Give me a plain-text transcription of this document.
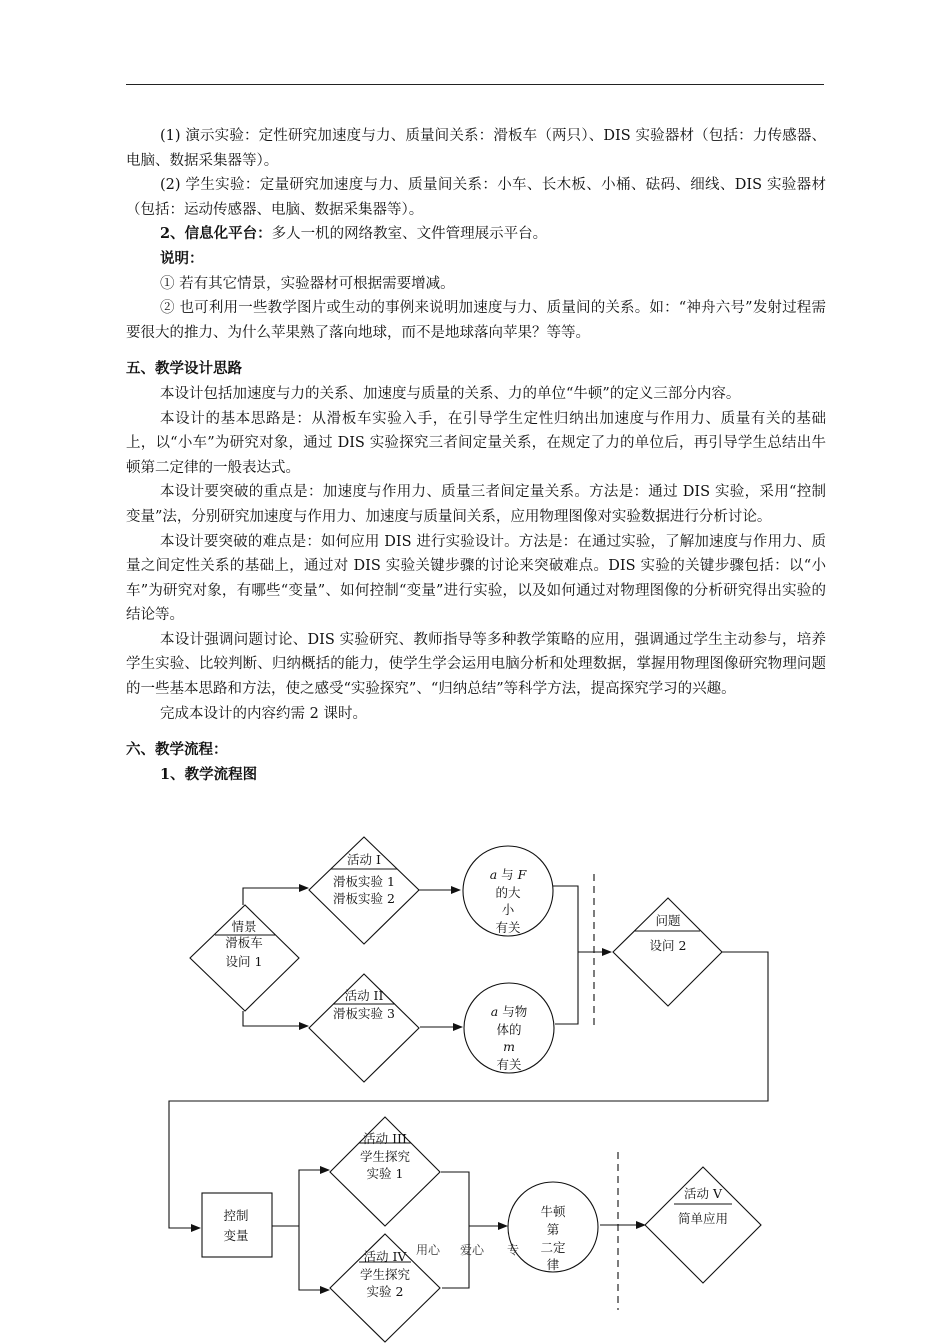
(1) 演示实验：定性研究加速度与力、质量间关系：滑板车（两只）、DIS 实验器材（包括：力传感器、电脑、数据采集器等）。

(2) 学生实验：定量研究加速度与力、质量间关系：小车、长木板、小桶、砝码、细线、DIS 实验器材（包括：运动传感器、电脑、数据采集器等）。

2、信息化平台：多人一机的网络教室、文件管理展示平台。

说明：

① 若有其它情景，实验器材可根据需要增减。

② 也可利用一些教学图片或生动的事例来说明加速度与力、质量间的关系。如：“神舟六号”发射过程需要很大的推力、为什么苹果熟了落向地球，而不是地球落向苹果？等等。

五、教学设计思路

本设计包括加速度与力的关系、加速度与质量的关系、力的单位“牛顿”的定义三部分内容。

本设计的基本思路是：从滑板车实验入手，在引导学生定性归纳出加速度与作用力、质量有关的基础上，以“小车”为研究对象，通过 DIS 实验探究三者间定量关系，在规定了力的单位后，再引导学生总结出牛顿第二定律的一般表达式。

本设计要突破的重点是：加速度与作用力、质量三者间定量关系。方法是：通过 DIS 实验，采用“控制变量”法，分别研究加速度与作用力、加速度与质量间关系，应用物理图像对实验数据进行分析讨论。

本设计要突破的难点是：如何应用 DIS 进行实验设计。方法是：在通过实验，了解加速度与作用力、质量之间定性关系的基础上，通过对 DIS 实验关键步骤的讨论来突破难点。DIS 实验的关键步骤包括：以“小车”为研究对象，有哪些“变量”、如何控制“变量”进行实验，以及如何通过对物理图像的分析研究得出实验的结论等。

本设计强调问题讨论、DIS 实验研究、教师指导等多种教学策略的应用，强调通过学生主动参与，培养学生实验、比较判断、归纳概括的能力，使学生学会运用电脑分析和处理数据，掌握用物理图像研究物理问题的一些基本思路和方法，使之感受“实验探究”、“归纳总结”等科学方法，提高探究学习的兴趣。

完成本设计的内容约需 2 课时。

六、教学流程：

1、教学流程图

情景
滑板车
设问 1
活动 I
滑板实验 1
滑板实验 2
活动 II
滑板实验 3
a 与 F
的大
小
有关
a 与物
体的
m
有关
问题
设问 2
控制
变量
活动 III
学生探究
实验 1
活动 IV
学生探究
实验 2
牛顿
第
二定
律
活动 V
简单应用
用心 爱心 专
